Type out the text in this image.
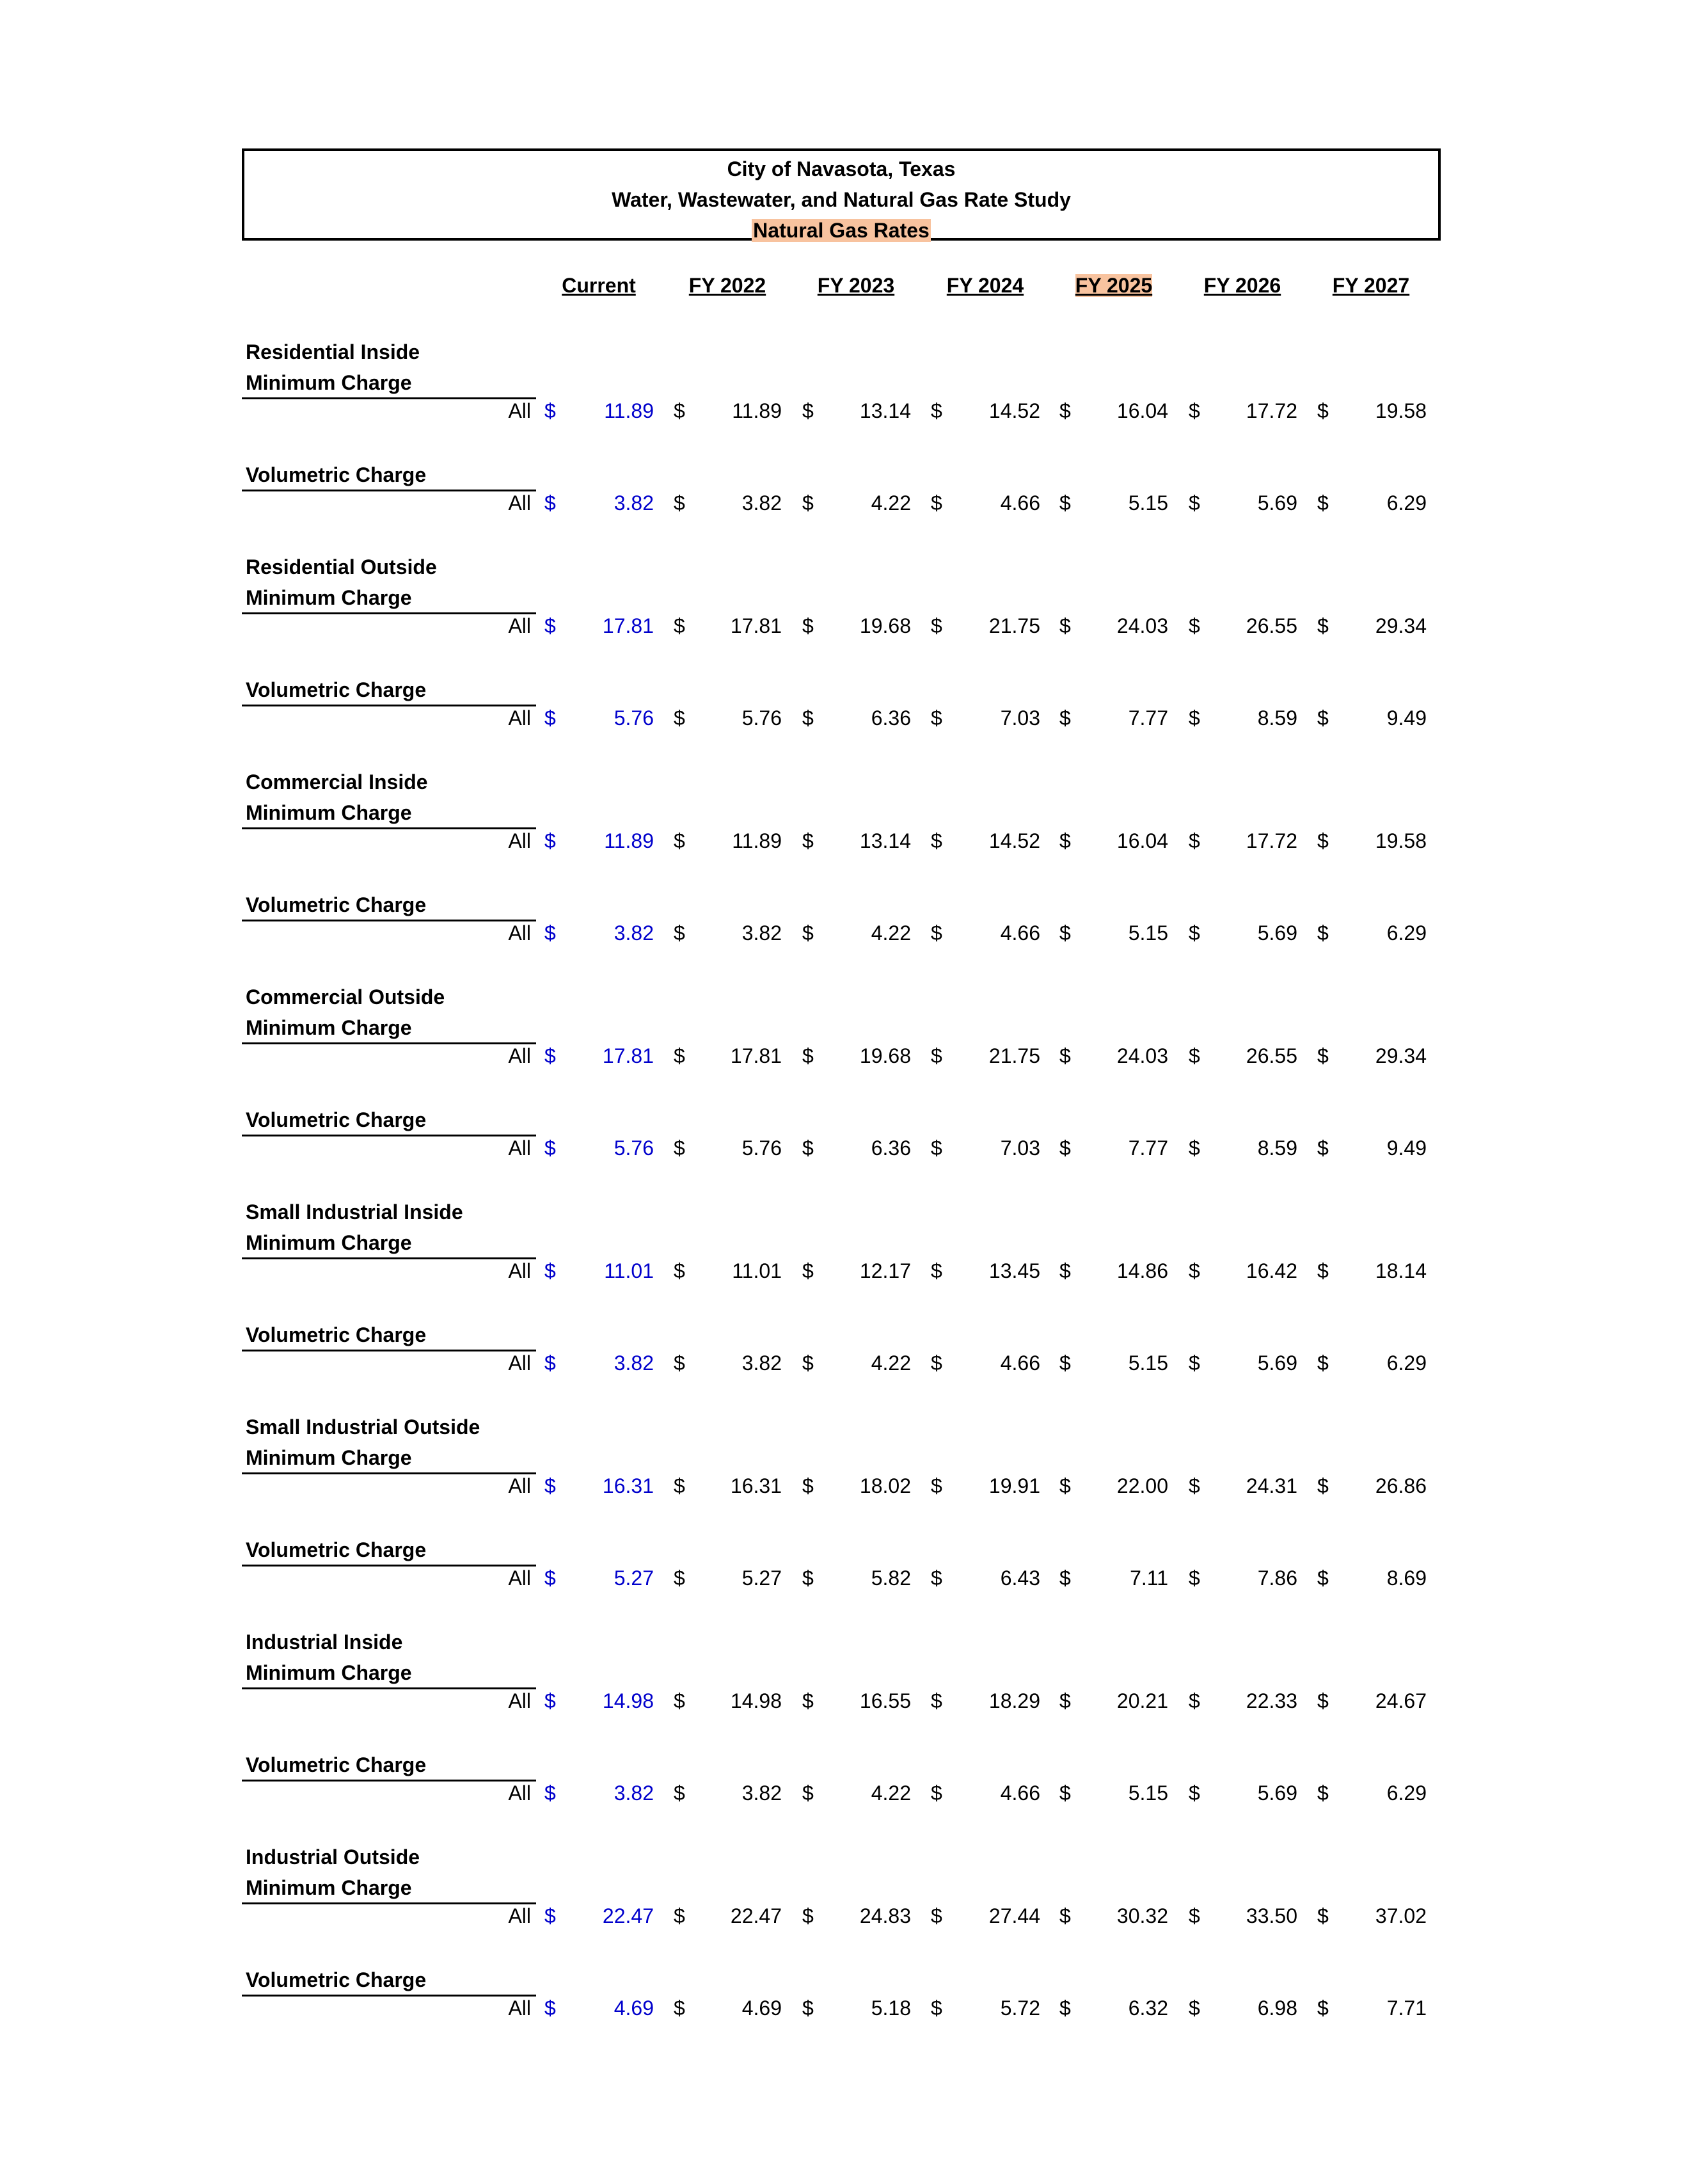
City of Navasota, Texas
Water, Wastewater, and Natural Gas Rate Study
Natural Gas Rates
Current	FY 2022	FY 2023	FY 2024	FY 2025	FY 2026	FY 2027
Residential Inside
Minimum Charge
All $	11.89 $	11.89 $	13.14 $	14.52 $	16.04 $	17.72 $	19.58
Volumetric Charge
All $	3.82 $	3.82 $	4.22 $	4.66 $	5.15 $	5.69 $	6.29
Residential Outside
Minimum Charge
All $	17.81 $	17.81 $	19.68 $	21.75 $	24.03 $	26.55 $	29.34
Volumetric Charge
All $	5.76 $	5.76 $	6.36 $	7.03 $	7.77 $	8.59 $	9.49
Commercial Inside
Minimum Charge
All $	11.89 $	11.89 $	13.14 $	14.52 $	16.04 $	17.72 $	19.58
Volumetric Charge
All $	3.82 $	3.82 $	4.22 $	4.66 $	5.15 $	5.69 $	6.29
Commercial Outside
Minimum Charge
All $	17.81 $	17.81 $	19.68 $	21.75 $	24.03 $	26.55 $	29.34
Volumetric Charge
All $	5.76 $	5.76 $	6.36 $	7.03 $	7.77 $	8.59 $	9.49
Small Industrial Inside
Minimum Charge
All $	11.01 $	11.01 $	12.17 $	13.45 $	14.86 $	16.42 $	18.14
Volumetric Charge
All $	3.82 $	3.82 $	4.22 $	4.66 $	5.15 $	5.69 $	6.29
Small Industrial Outside
Minimum Charge
All $	16.31 $	16.31 $	18.02 $	19.91 $	22.00 $	24.31 $	26.86
Volumetric Charge
All $	5.27 $	5.27 $	5.82 $	6.43 $	7.11 $	7.86 $	8.69
Industrial Inside
Minimum Charge
All $	14.98 $	14.98 $	16.55 $	18.29 $	20.21 $	22.33 $	24.67
Volumetric Charge
All $	3.82 $	3.82 $	4.22 $	4.66 $	5.15 $	5.69 $	6.29
Industrial Outside
Minimum Charge
All $	22.47 $	22.47 $	24.83 $	27.44 $	30.32 $	33.50 $	37.02
Volumetric Charge
All $	4.69 $	4.69 $	5.18 $	5.72 $	6.32 $	6.98 $	7.71
